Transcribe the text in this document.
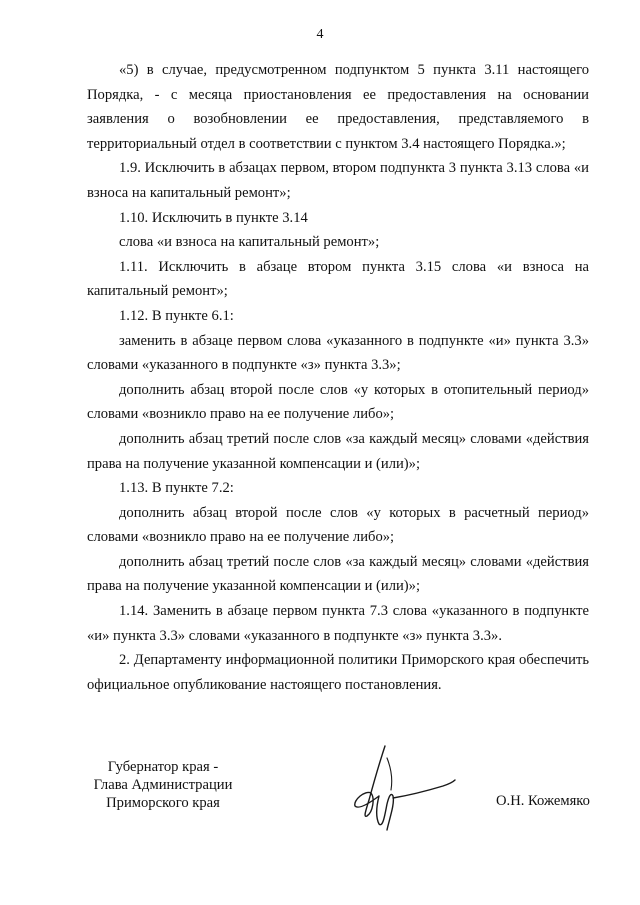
4

«5) в случае, предусмотренном подпунктом 5 пункта 3.11 настоящего Порядка, - с месяца приостановления ее предоставления на основании заявления о возобновлении ее предоставления, представляемого в территориальный отдел в соответствии с пунктом 3.4 настоящего Порядка.»;

1.9. Исключить в абзацах первом, втором подпункта 3 пункта 3.13 слова «и взноса на капитальный ремонт»;

1.10. Исключить в пункте 3.14

слова «и взноса на капитальный ремонт»;

1.11. Исключить в абзаце втором пункта 3.15 слова «и взноса на капитальный ремонт»;

1.12. В пункте 6.1:

заменить в абзаце первом слова «указанного в подпункте «и» пункта 3.3» словами «указанного в подпункте «з» пункта 3.3»;

дополнить абзац второй после слов «у которых в отопительный период» словами «возникло право на ее получение либо»;

дополнить абзац третий после слов «за каждый месяц» словами «действия права на получение указанной компенсации и (или)»;

1.13. В пункте 7.2:

дополнить абзац второй после слов «у которых в расчетный период» словами «возникло право на ее получение либо»;

дополнить абзац третий после слов «за каждый месяц» словами «действия права на получение указанной компенсации и (или)»;

1.14. Заменить в абзаце первом пункта 7.3 слова «указанного в подпункте «и» пункта 3.3» словами «указанного в подпункте «з» пункта 3.3».

2. Департаменту информационной политики Приморского края обеспечить официальное опубликование настоящего постановления.

Губернатор края -
Глава Администрации
Приморского края	О.Н. Кожемяко
